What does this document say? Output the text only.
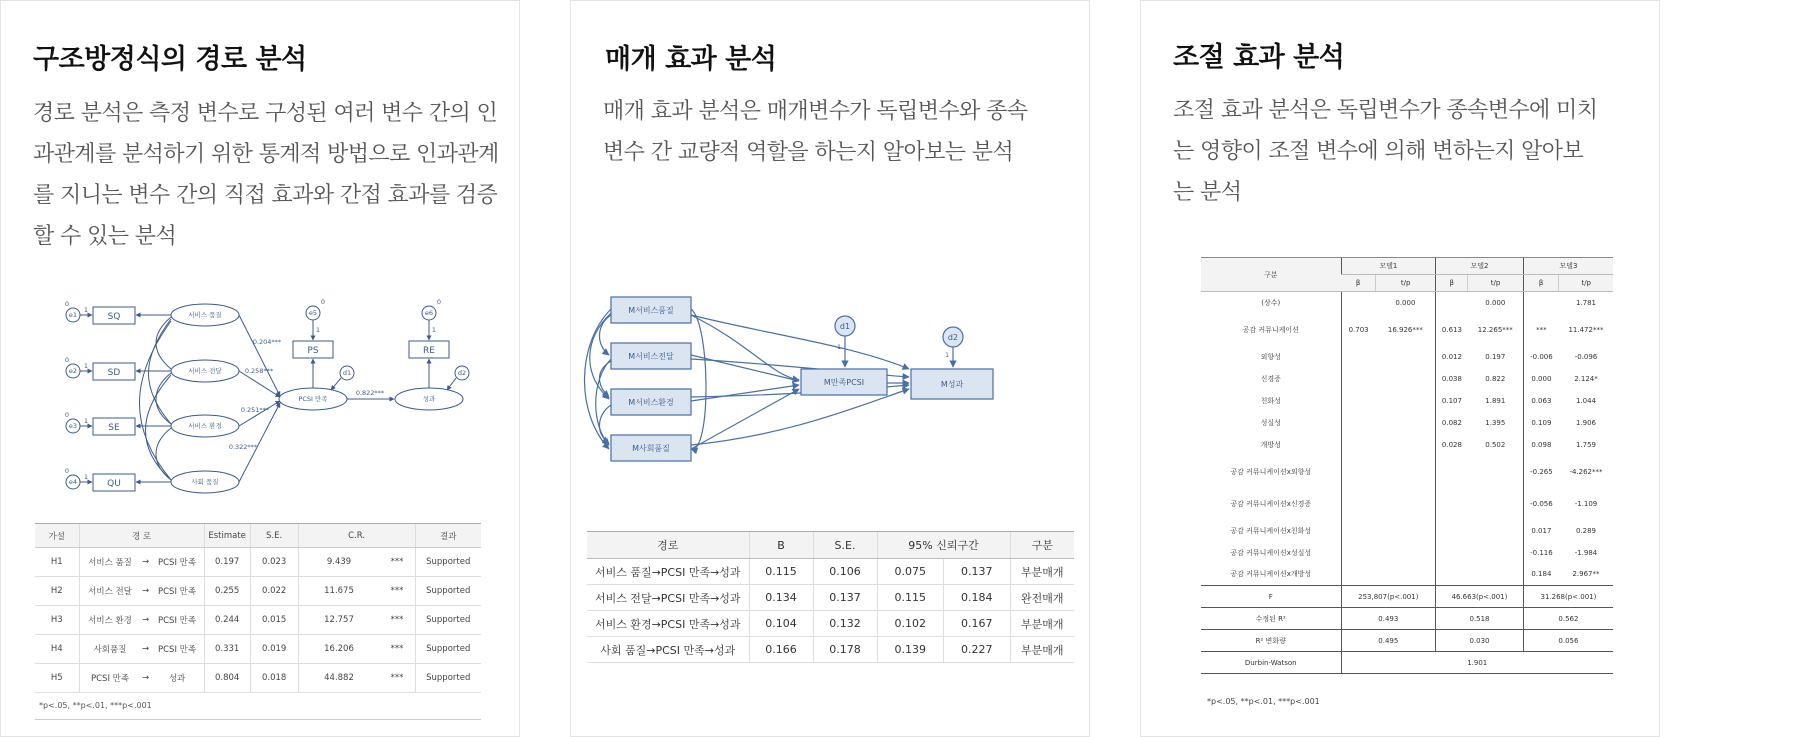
구조방정식의 경로 분석

경로 분석은 측정 변수로 구성된 여러 변수 간의 인과관계를 분석하기 위한 통계적 방법으로 인과관계를 지니는 변수 간의 직접 효과와 간접 효과를 검증할 수 있는 분석

e1
e2
e3
e4
e5	e6
d1	d2
0
0
0
0
0	0
1
1
1
1
1	1
SQ
SD
SE
QU
PS	RE
서비스 품질
서비스 전달
서비스 환경
사회 품질
PCSI 만족	성과
0.204***
0.258***
0.251***
0.322***
0.822***
가설	경 로			Estimate	S.E.	C.R.		결과
H1	서비스 품질	→	PCSI 만족	0.197	0.023	9.439	***	Supported
H2	서비스 전달	→	PCSI 만족	0.255	0.022	11.675	***	Supported
H3	서비스 환경	→	PCSI 만족	0.244	0.015	12.757	***	Supported
H4	사회품질	→	PCSI 만족	0.331	0.019	16.206	***	Supported
H5	PCSI 만족	→	성과	0.804	0.018	44.882	***	Supported
*p<.05, **p<.01, ***p<.001
매개 효과 분석

매개 효과 분석은 매개변수가 독립변수와 종속변수 간 교량적 역할을 하는지 알아보는 분석

M서비스품질
M서비스전달
M서비스환경
M사회품질
M만족PCSI	M성과
d1
d2
1
1
경로	B	S.E.	95% 신뢰구간		구분
서비스 품질→PCSI 만족→성과	0.115	0.106	0.075	0.137	부분매개
서비스 전달→PCSI 만족→성과	0.134	0.137	0.115	0.184	완전매개
서비스 환경→PCSI 만족→성과	0.104	0.132	0.102	0.167	부분매개
사회 품질→PCSI 만족→성과	0.166	0.178	0.139	0.227	부분매개
조절 효과 분석

조절 효과 분석은 독립변수가 종속변수에 미치는 영향이 조절 변수에 의해 변하는지 알아보는 분석

구분	모델1		모델2		모델3	
	β	t/p	β	t/p	β	t/p
(상수)		0.000		0.000		1.781
공감 커뮤니케이션	0.703	16.926***	0.613	12.265***	***	11.472***
외향성			0.012	0.197	-0.006	-0.096
신경증			0.038	0.822	0.000	2.124*
친화성			0.107	1.891	0.063	1.044
성실성			0.082	1.395	0.109	1.906
개방성			0.028	0.502	0.098	1.759
공감 커뮤니케이션x외향성					-0.265	-4.262***
공감 커뮤니케이션x신경증					-0.056	-1.109
공감 커뮤니케이션x친화성					0.017	0.289
공감 커뮤니케이션x성실성					-0.116	-1.984
공감 커뮤니케이션x개방성					0.184	2.967**
F	253,807(p<.001)		46.663(p<.001)		31.268(p<.001)	
수정된 R²	0.493		0.518		0.562	
R² 변화량	0.495		0.030		0.056	
Durbin-Watson	1.901					
*p<.05, **p<.01, ***p<.001
